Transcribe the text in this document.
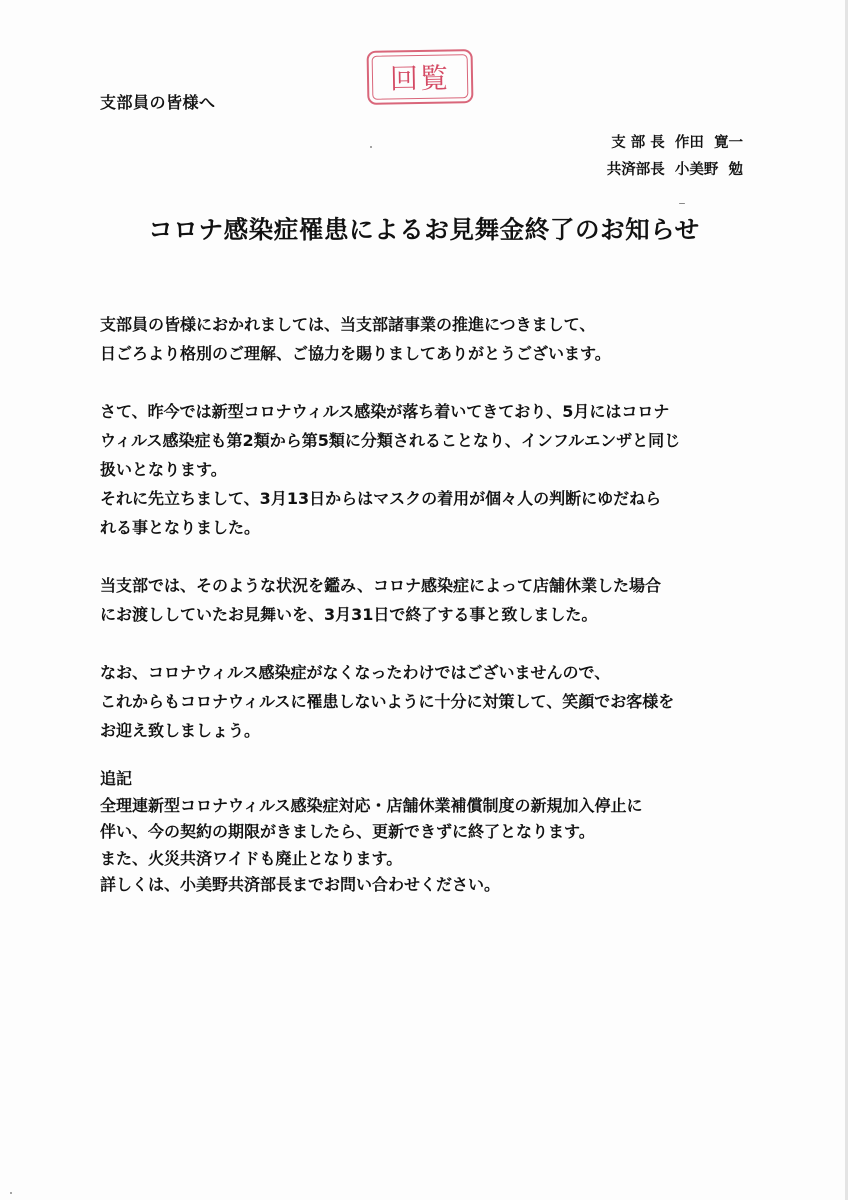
支部員の皆様へ
回覧
支 部 長  作田  寛一
共済部長  小美野  勉
コロナ感染症罹患によるお見舞金終了のお知らせ
支部員の皆様におかれましては、当支部諸事業の推進につきまして、
日ごろより格別のご理解、ご協力を賜りましてありがとうございます。
さて、昨今では新型コロナウィルス感染が落ち着いてきており、5月にはコロナ
ウィルス感染症も第2類から第5類に分類されることなり、インフルエンザと同じ
扱いとなります。
それに先立ちまして、3月13日からはマスクの着用が個々人の判断にゆだねら
れる事となりました。
当支部では、そのような状況を鑑み、コロナ感染症によって店舗休業した場合
にお渡ししていたお見舞いを、3月31日で終了する事と致しました。
なお、コロナウィルス感染症がなくなったわけではございませんので、
これからもコロナウィルスに罹患しないように十分に対策して、笑顔でお客様を
お迎え致しましょう。
追記
全理連新型コロナウィルス感染症対応・店舗休業補償制度の新規加入停止に
伴い、今の契約の期限がきましたら、更新できずに終了となります。
また、火災共済ワイドも廃止となります。
詳しくは、小美野共済部長までお問い合わせください。
